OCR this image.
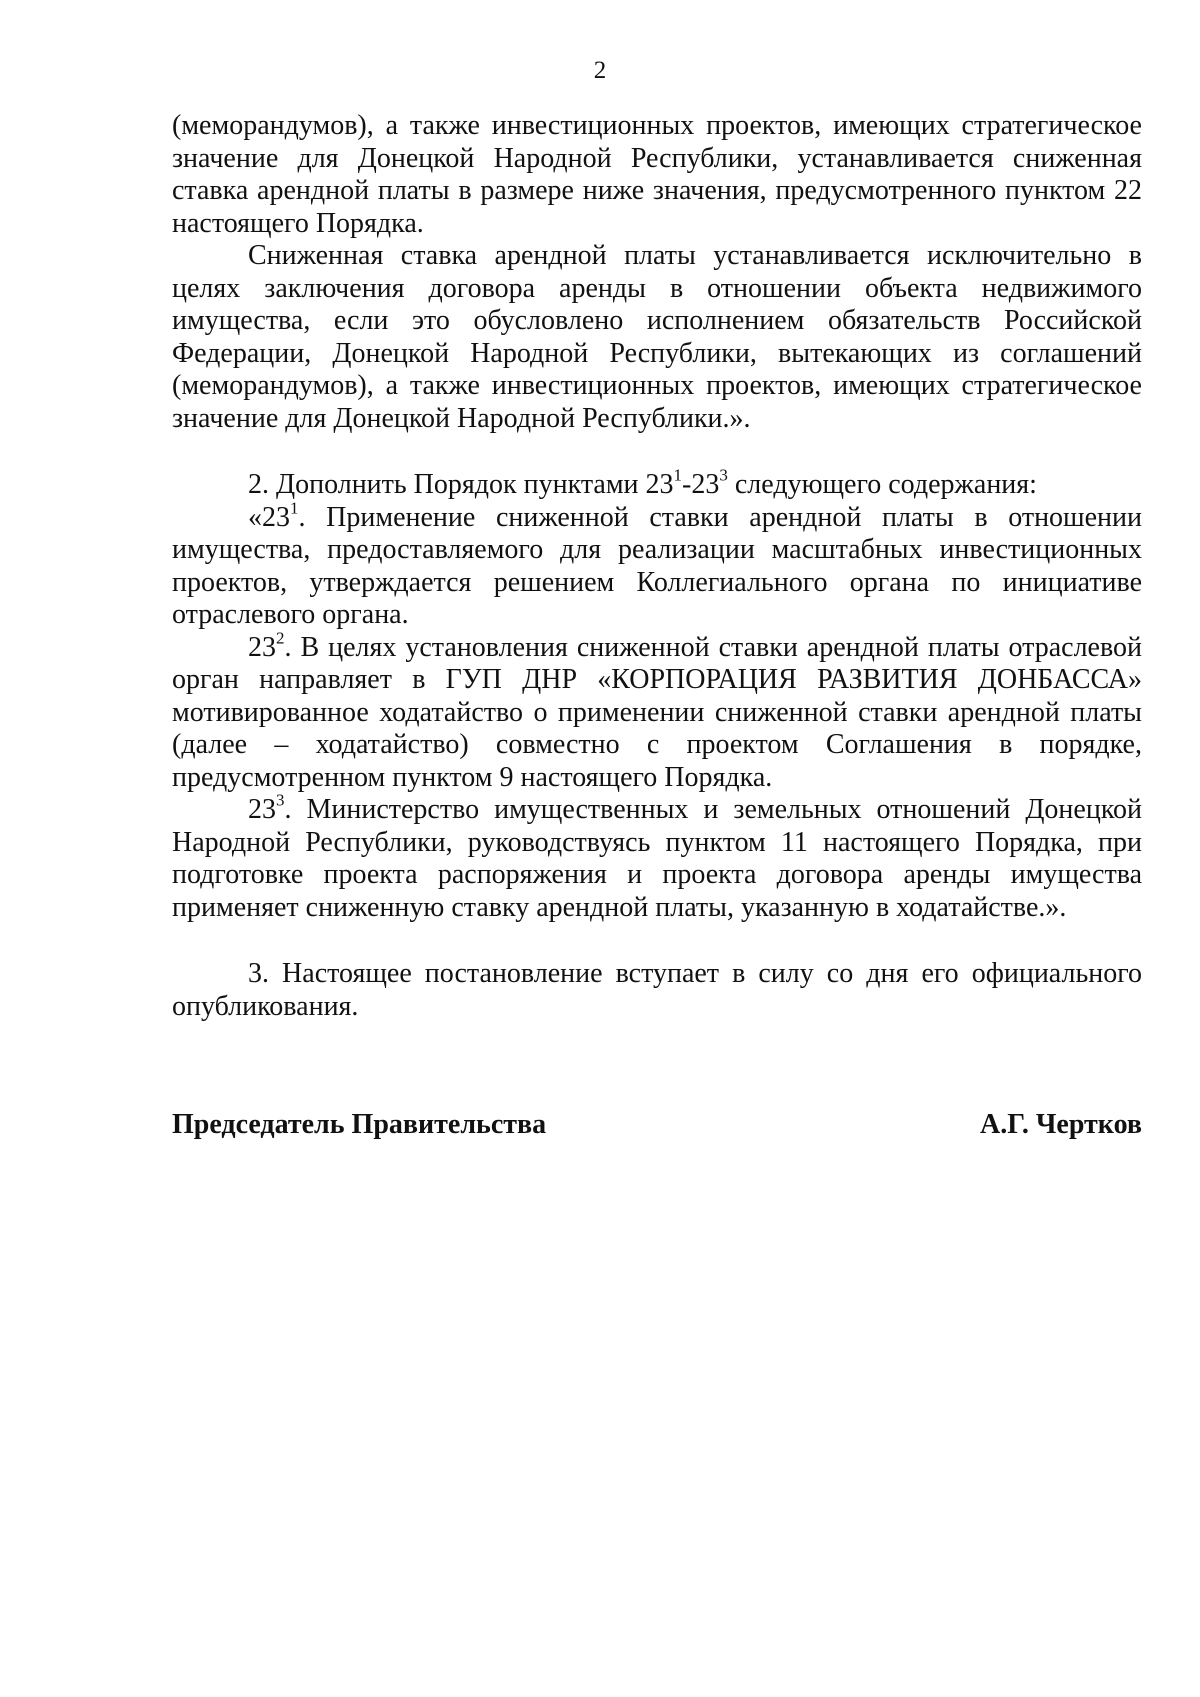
2

(меморандумов), а также инвестиционных проектов, имеющих стратегическое значение для Донецкой Народной Республики, устанавливается сниженная ставка арендной платы в размере ниже значения, предусмотренного пунктом 22 настоящего Порядка.

Сниженная ставка арендной платы устанавливается исключительно в целях заключения договора аренды в отношении объекта недвижимого имущества, если это обусловлено исполнением обязательств Российской Федерации, Донецкой Народной Республики, вытекающих из соглашений (меморандумов), а также инвестиционных проектов, имеющих стратегическое значение для Донецкой Народной Республики.».

2. Дополнить Порядок пунктами $23^1-23^3$ следующего содержания:

«$23^1$. Применение сниженной ставки арендной платы в отношении имущества, предоставляемого для реализации масштабных инвестиционных проектов, утверждается решением Коллегиального органа по инициативе отраслевого органа.

$23^2$. В целях установления сниженной ставки арендной платы отраслевой орган направляет в ГУП ДНР «КОРПОРАЦИЯ РАЗВИТИЯ ДОНБАССА» мотивированное ходатайство о применении сниженной ставки арендной платы (далее – ходатайство) совместно с проектом Соглашения в порядке, предусмотренном пунктом 9 настоящего Порядка.

$23^3$. Министерство имущественных и земельных отношений Донецкой Народной Республики, руководствуясь пунктом 11 настоящего Порядка, при подготовке проекта распоряжения и проекта договора аренды имущества применяет сниженную ставку арендной платы, указанную в ходатайстве.».

3. Настоящее постановление вступает в силу со дня его официального опубликования.

Председатель Правительства	А.Г. Чертков
